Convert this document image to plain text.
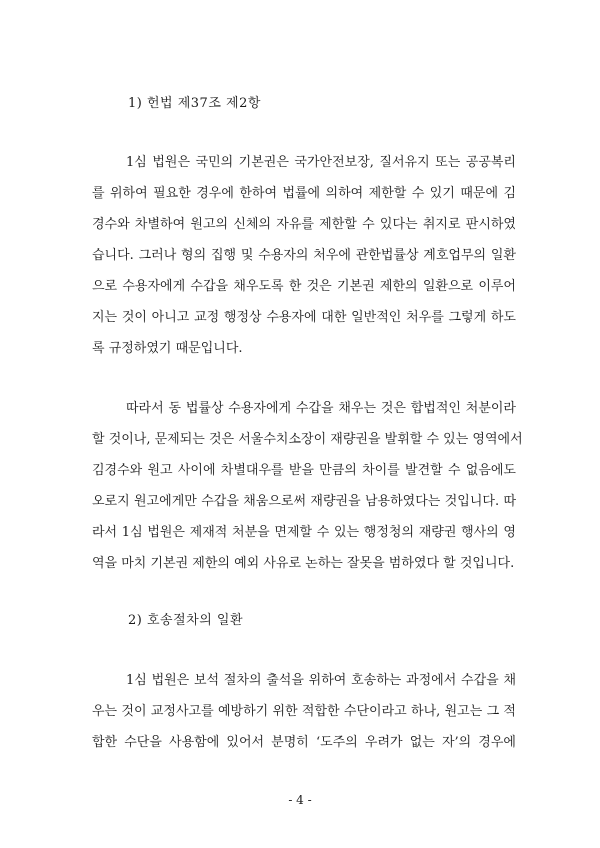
1) 헌법 제37조 제2항
1심 법원은 국민의 기본권은 국가안전보장, 질서유지 또는 공공복리
를 위하여 필요한 경우에 한하여 법률에 의하여 제한할 수 있기 때문에 김
경수와 차별하여 원고의 신체의 자유를 제한할 수 있다는 취지로 판시하였
습니다. 그러나 형의 집행 및 수용자의 처우에 관한법률상 계호업무의 일환
으로 수용자에게 수갑을 채우도록 한 것은 기본권 제한의 일환으로 이루어
지는 것이 아니고 교정 행정상 수용자에 대한 일반적인 처우를 그렇게 하도
록 규정하였기 때문입니다.
따라서 동 법률상 수용자에게 수갑을 채우는 것은 합법적인 처분이라
할 것이나, 문제되는 것은 서울수치소장이 재량권을 발휘할 수 있는 영역에서
김경수와 원고 사이에 차별대우를 받을 만큼의 차이를 발견할 수 없음에도
오로지 원고에게만 수갑을 채움으로써 재량권을 남용하였다는 것입니다. 따
라서 1심 법원은 제재적 처분을 면제할 수 있는 행정청의 재량권 행사의 영
역을 마치 기본권 제한의 예외 사유로 논하는 잘못을 범하였다 할 것입니다.
2) 호송절차의 일환
1심 법원은 보석 절차의 출석을 위하여 호송하는 과정에서 수갑을 채
우는 것이 교정사고를 예방하기 위한 적합한 수단이라고 하나, 원고는 그 적
합한 수단을 사용함에 있어서 분명히 ‘도주의 우려가 없는 자’의 경우에
- 4 -
